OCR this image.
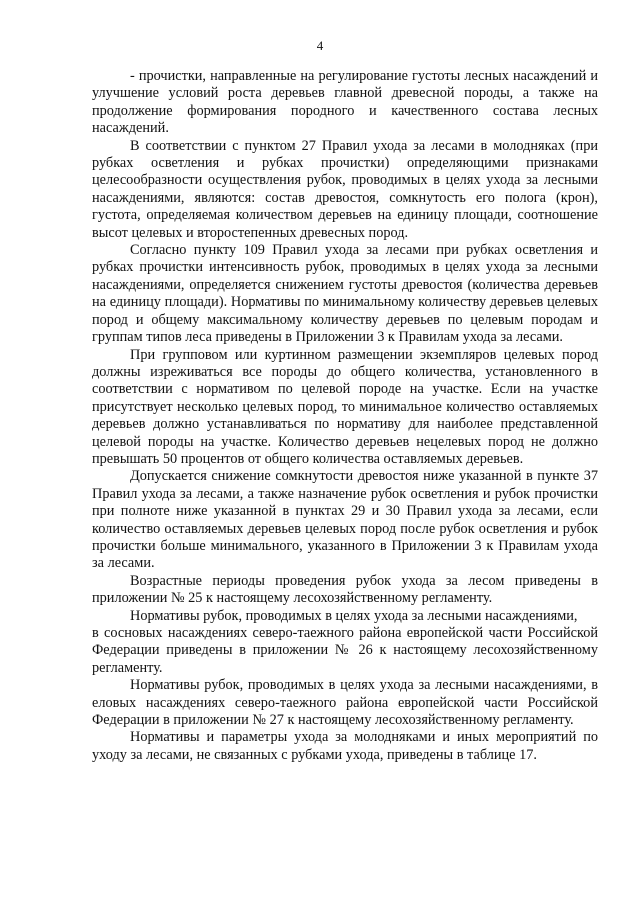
4

- прочистки, направленные на регулирование густоты лесных насаждений и улучшение условий роста деревьев главной древесной породы, а также на продолжение формирования породного и качественного состава лесных насаждений.

В соответствии с пунктом 27 Правил ухода за лесами в молодняках (при рубках осветления и рубках прочистки) определяющими признаками целесообразности осуществления рубок, проводимых в целях ухода за лесными насаждениями, являются: состав древостоя, сомкнутость его полога (крон), густота, определяемая количеством деревьев на единицу площади, соотношение высот целевых и второстепенных древесных пород.

Согласно пункту 109 Правил ухода за лесами при рубках осветления и рубках прочистки интенсивность рубок, проводимых в целях ухода за лесными насаждениями, определяется снижением густоты древостоя (количества деревьев на единицу площади). Нормативы по минимальному количеству деревьев целевых пород и общему максимальному количеству деревьев по целевым породам и группам типов леса приведены в Приложении 3 к Правилам ухода за лесами.

При групповом или куртинном размещении экземпляров целевых пород должны изреживаться все породы до общего количества, установленного в соответствии с нормативом по целевой породе на участке. Если на участке присутствует несколько целевых пород, то минимальное количество оставляемых деревьев должно устанавливаться по нормативу для наиболее представленной целевой породы на участке. Количество деревьев нецелевых пород не должно превышать 50 процентов от общего количества оставляемых деревьев.

Допускается снижение сомкнутости древостоя ниже указанной в пункте 37 Правил ухода за лесами, а также назначение рубок осветления и рубок прочистки при полноте ниже указанной в пунктах 29 и 30 Правил ухода за лесами, если количество оставляемых деревьев целевых пород после рубок осветления и рубок прочистки больше минимального, указанного в Приложении 3 к Правилам ухода за лесами.

Возрастные периоды проведения рубок ухода за лесом приведены в приложении № 25 к настоящему лесохозяйственному регламенту.

Нормативы рубок, проводимых в целях ухода за лесными насаждениями,

в сосновых насаждениях северо-таежного района европейской части Российской Федерации приведены в приложении № 26 к настоящему лесохозяйственному регламенту.

Нормативы рубок, проводимых в целях ухода за лесными насаждениями, в еловых насаждениях северо-таежного района европейской части Российской Федерации в приложении № 27 к настоящему лесохозяйственному регламенту.

Нормативы и параметры ухода за молодняками и иных мероприятий по уходу за лесами, не связанных с рубками ухода, приведены в таблице 17.
